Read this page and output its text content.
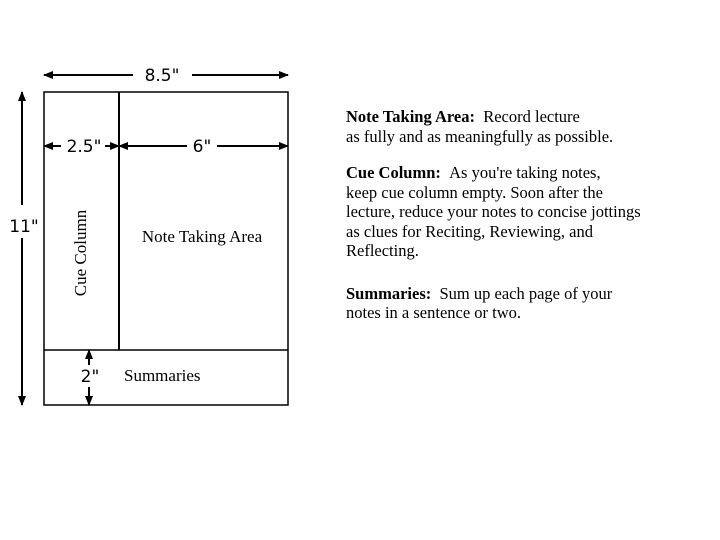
8.5"
11"
2.5"	6"
2"
Cue Column	Note Taking Area
Summaries
Note Taking Area: Record lecture
as fully and as meaningfully as possible.
Cue Column: As you're taking notes,
keep cue column empty. Soon after the
lecture, reduce your notes to concise jottings
as clues for Reciting, Reviewing, and
Reflecting.
Summaries: Sum up each page of your
notes in a sentence or two.
